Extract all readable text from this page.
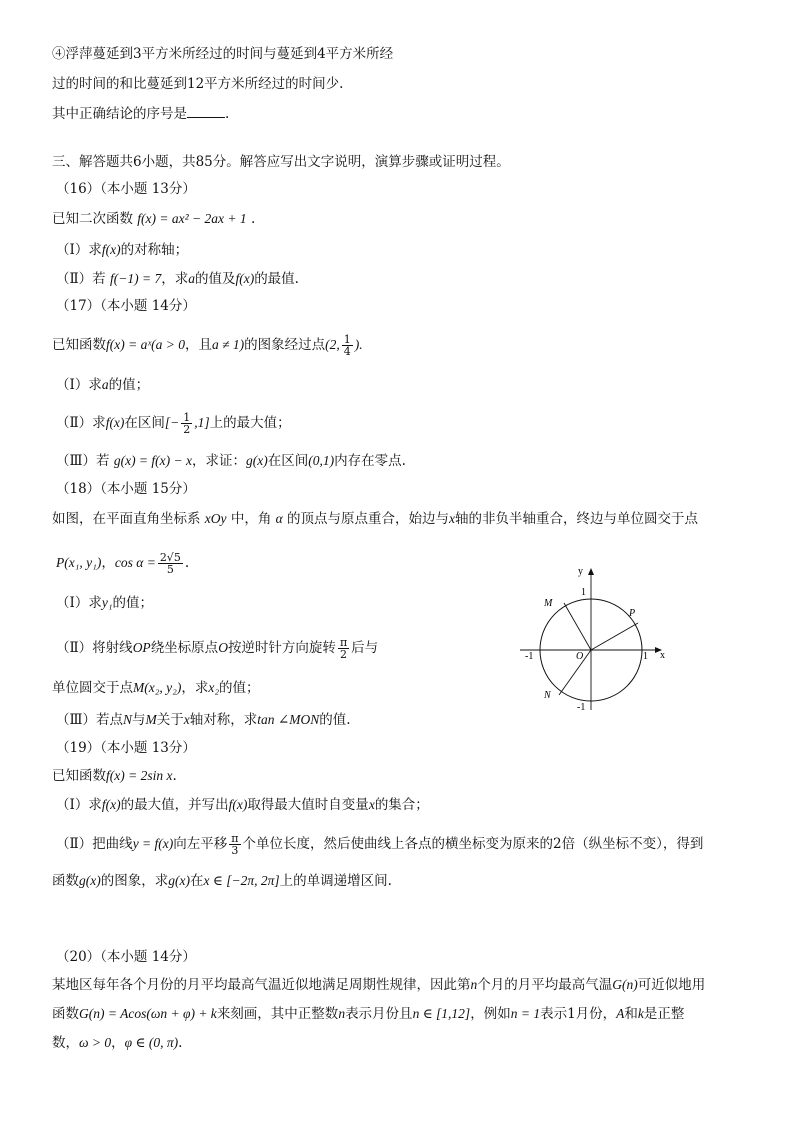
④浮萍蔓延到3平方米所经过的时间与蔓延到4平方米所经
过的时间的和比蔓延到12平方米所经过的时间少.
其中正确结论的序号是	.
三、解答题共6小题，共85分。解答应写出文字说明，演算步骤或证明过程。
（16）（本小题 13分）
已知二次函数 f(x) = ax² − 2ax + 1 .
（Ⅰ）求f(x)的对称轴；
（Ⅱ）若 f(−1) = 7，求a的值及f(x)的最值.
（17）（本小题 14分）
已知函数f(x) = aˣ(a > 0，且a ≠ 1)的图象经过点(2, $\frac{1}{4}$ ).
（Ⅰ）求a的值；
（Ⅱ）求f(x)在区间[− $\frac{1}{2} ,1$]上的最大值；
（Ⅲ）若 g(x) = f(x) − x，求证：g(x)在区间(0,1)内存在零点.
（18）（本小题 15分）
如图，在平面直角坐标系 xOy 中，角 α 的顶点与原点重合，始边与x轴的非负半轴重合，终边与单位圆交于点
P(x₁, y₁)，$\cos \alpha = \frac{2√5}{5}$ .
（Ⅰ）求y₁的值；
（Ⅱ）将射线OP绕坐标原点O按逆时针方向旋转 $\frac{\pi}{2}$ 后与
单位圆交于点M(x₂, y₂)，求x₂的值；
（Ⅲ）若点N与M关于x轴对称，求tan ∠MON的值.
y
x
1
-1
-1	1
O
M
P
N
（19）（本小题 13分）
已知函数f(x) = 2sin x.
（Ⅰ）求f(x)的最大值，并写出f(x)取得最大值时自变量x的集合；
（Ⅱ）把曲线y = f(x)向左平移 $\frac{\pi}{3}$ 个单位长度，然后使曲线上各点的横坐标变为原来的2倍（纵坐标不变），得到
函数g(x)的图象，求g(x)在x ∈ [−2π, 2π]上的单调递增区间.
（20）（本小题 14分）
某地区每年各个月份的月平均最高气温近似地满足周期性规律，因此第n个月的月平均最高气温G(n)可近似地用
函数G(n) = Acos(ωn + φ) + k来刻画，其中正整数n表示月份且n ∈ [1,12]，例如n = 1表示1月份，A和k是正整
数，ω > 0，φ ∈ (0, π).
